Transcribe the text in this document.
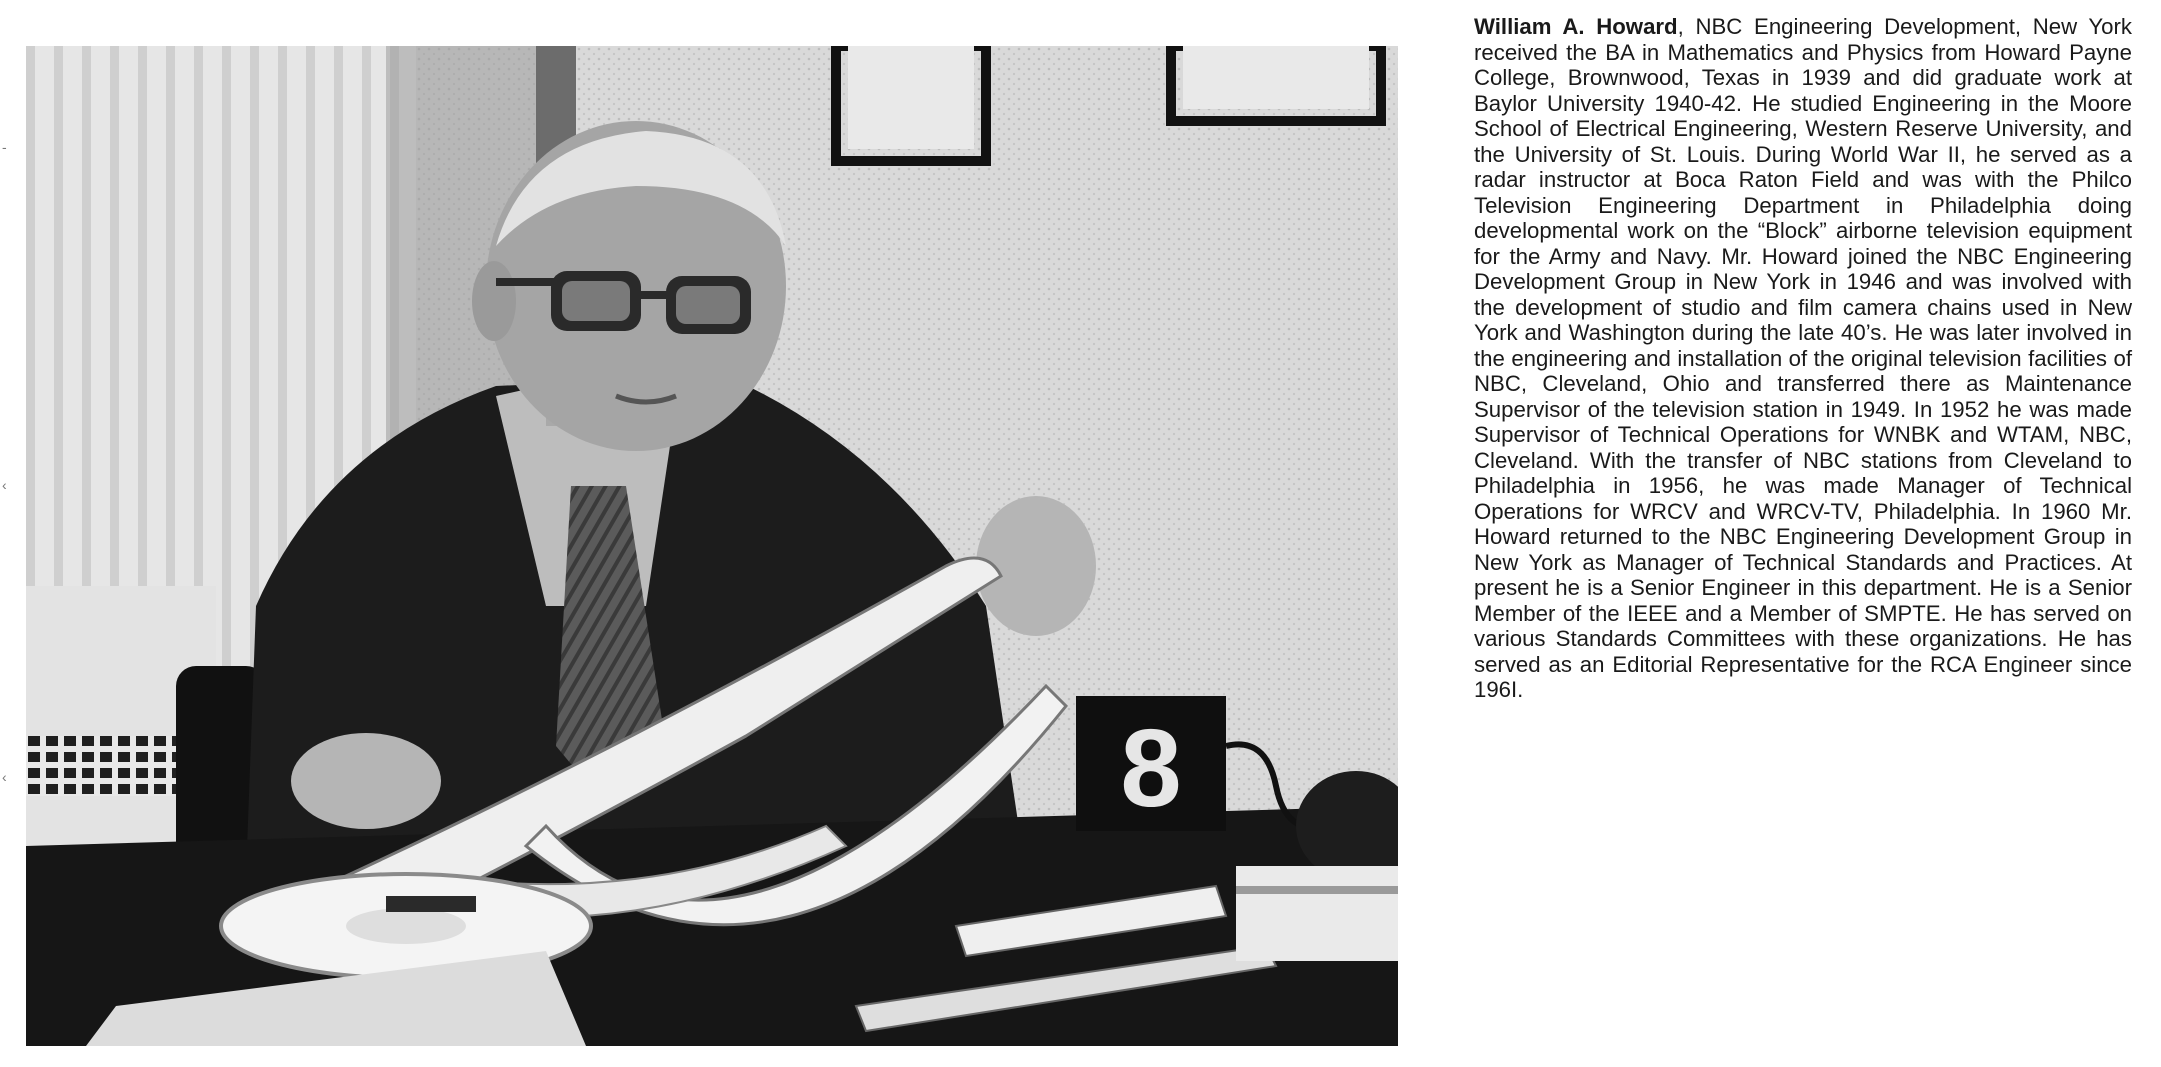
-
‹
‹	8

William A. Howard, NBC Engineering Development, New York received the BA in Mathematics and Physics from Howard Payne College, Brownwood, Texas in 1939 and did graduate work at Baylor University 1940-42. He studied Engineering in the Moore School of Electrical Engineering, Western Reserve University, and the University of St. Louis. During World War II, he served as a radar instructor at Boca Raton Field and was with the Philco Television Engineering Department in Philadelphia doing developmental work on the “Block” airborne television equipment for the Army and Navy. Mr. Howard joined the NBC Engineering Development Group in New York in 1946 and was involved with the development of studio and film camera chains used in New York and Washington during the late 40’s. He was later involved in the engineering and installation of the original television facilities of NBC, Cleveland, Ohio and transferred there as Maintenance Supervisor of the television station in 1949. In 1952 he was made Supervisor of Technical Operations for WNBK and WTAM, NBC, Cleveland. With the transfer of NBC stations from Cleveland to Philadelphia in 1956, he was made Manager of Technical Operations for WRCV and WRCV-TV, Philadelphia. In 1960 Mr. Howard returned to the NBC Engineering Development Group in New York as Manager of Technical Standards and Practices. At present he is a Senior Engineer in this department. He is a Senior Member of the IEEE and a Member of SMPTE. He has served on various Standards Committees with these organizations. He has served as an Editorial Representative for the RCA Engineer since 196I.
